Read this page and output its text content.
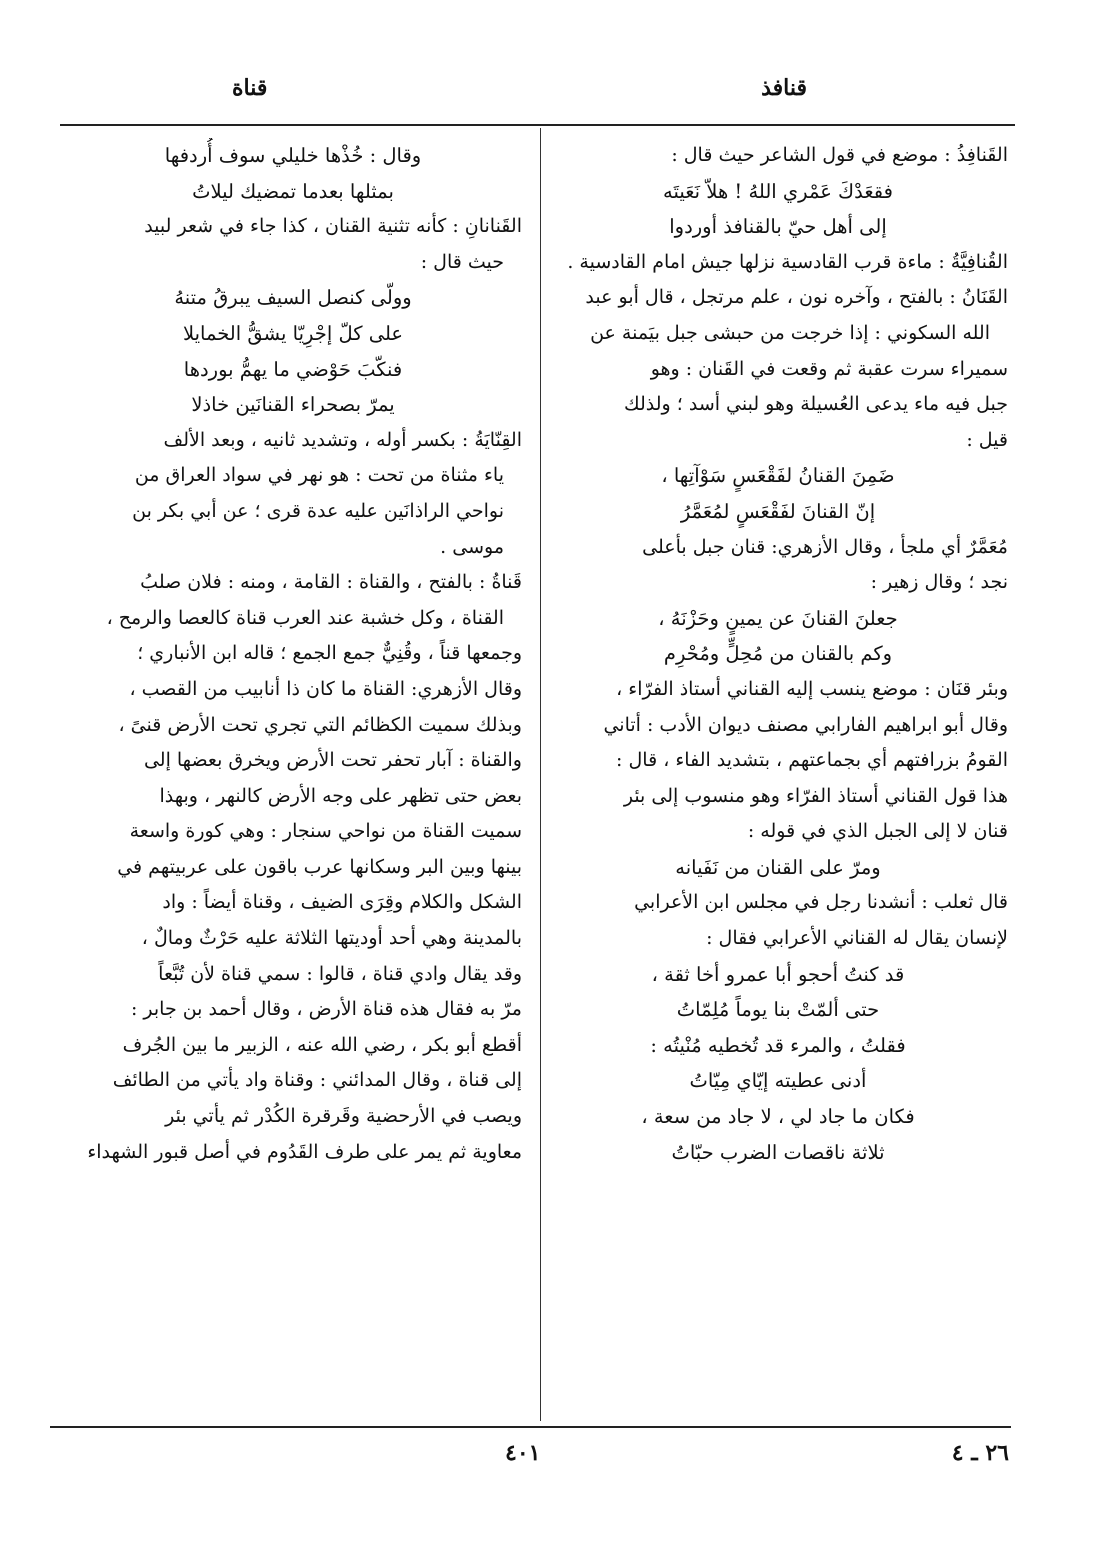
قنافذ
قناة
القَنافِذُ : موضع في قول الشاعر حيث قال :
فقعَدْكَ عَمْري اللهُ ! هلاّ نَعَيتَه
إلى أهل حيّ بالقنافذ أوردوا
القُنافِيَّةُ : ماءة قرب القادسية نزلها جيش امام القادسية .
القَنَانُ : بالفتح ، وآخره نون ، علم مرتجل ، قال أبو عبد
الله السكوني : إذا خرجت من حبشى جبل بيَمنة عن
سميراء سرت عقبة ثم وقعت في القَنان : وهو
جبل فيه ماء يدعى العُسيلة وهو لبني أسد ؛ ولذلك
قيل :
ضَمِنَ القنانُ لفَقْعَسٍ سَوْآتِها ،
إنّ القنانَ لفَقْعَسٍ لمُعَمَّرُ
مُعَمَّرٌ أي ملجأ ، وقال الأزهري: قنان جبل بأعلى
نجد ؛ وقال زهير :
جعلنَ القنانَ عن يمينٍ وحَزْنَهُ ،
وكم بالقنان من مُحِلٍّ ومُحْرِم
وبئر قنَان : موضع ينسب إليه القناني أستاذ الفرّاء ،
وقال أبو ابراهيم الفارابي مصنف ديوان الأدب : أتاني
القومُ بزرافتهم أي بجماعتهم ، بتشديد الفاء ، قال :
هذا قول القناني أستاذ الفرّاء وهو منسوب إلى بئر
قنان لا إلى الجبل الذي في قوله :
ومرّ على القنان من نَفَيانه
قال ثعلب : أنشدنا رجل في مجلس ابن الأعرابي
لإنسان يقال له القناني الأعرابي فقال :
قد كنتُ أحجو أبا عمرو أخا ثقة ،
حتى ألمّتْ بنا يوماً مُلِمّاتُ
فقلتُ ، والمرء قد تُخطيه مُنْيتُه :
أدنى عطيته إيّاي مِيّاتُ
فكان ما جاد لي ، لا جاد من سعة ،
ثلاثة ناقصات الضرب حبّاتُ
وقال : خُذْها خليلي سوف أُردفها
بمثلها بعدما تمضيك ليلاتُ
القَنانانِ : كأنه تثنية القنان ، كذا جاء في شعر لبيد
حيث قال :
وولّى كنصل السيف يبرقُ متنهُ
على كلّ إجْرِيّا يشقُّ الخمايلا
فنكّبَ حَوْضي ما يهمُّ بوردها
يمرّ بصحراء القنانَين خاذلا
القِنّايَةُ : بكسر أوله ، وتشديد ثانيه ، وبعد الألف
ياء مثناة من تحت : هو نهر في سواد العراق من
نواحي الراذانَين عليه عدة قرى ؛ عن أبي بكر بن
موسى .
قَناةُ : بالفتح ، والقناة : القامة ، ومنه : فلان صلبُ
القناة ، وكل خشبة عند العرب قناة كالعصا والرمح ،
وجمعها قناً ، وقُنِيٌّ جمع الجمع ؛ قاله ابن الأنباري ؛
وقال الأزهري: القناة ما كان ذا أنابيب من القصب ،
وبذلك سميت الكظائم التي تجري تحت الأرض قنىً ،
والقناة : آبار تحفر تحت الأرض ويخرق بعضها إلى
بعض حتى تظهر على وجه الأرض كالنهر ، وبهذا
سميت القناة من نواحي سنجار : وهي كورة واسعة
بينها وبين البر وسكانها عرب باقون على عربيتهم في
الشكل والكلام وقِرَى الضيف ، وقناة أيضاً : واد
بالمدينة وهي أحد أوديتها الثلاثة عليه حَرْثٌ ومالٌ ،
وقد يقال وادي قناة ، قالوا : سمي قناة لأن تُبَّعاً
مرّ به فقال هذه قناة الأرض ، وقال أحمد بن جابر :
أقطع أبو بكر ، رضي الله عنه ، الزبير ما بين الجُرف
إلى قناة ، وقال المدائني : وقناة واد يأتي من الطائف
ويصب في الأرحضية وقَرقرة الكُدْر ثم يأتي بئر
معاوية ثم يمر على طرف القَدُوم في أصل قبور الشهداء
٤٠١	٢٦ ـ ٤
